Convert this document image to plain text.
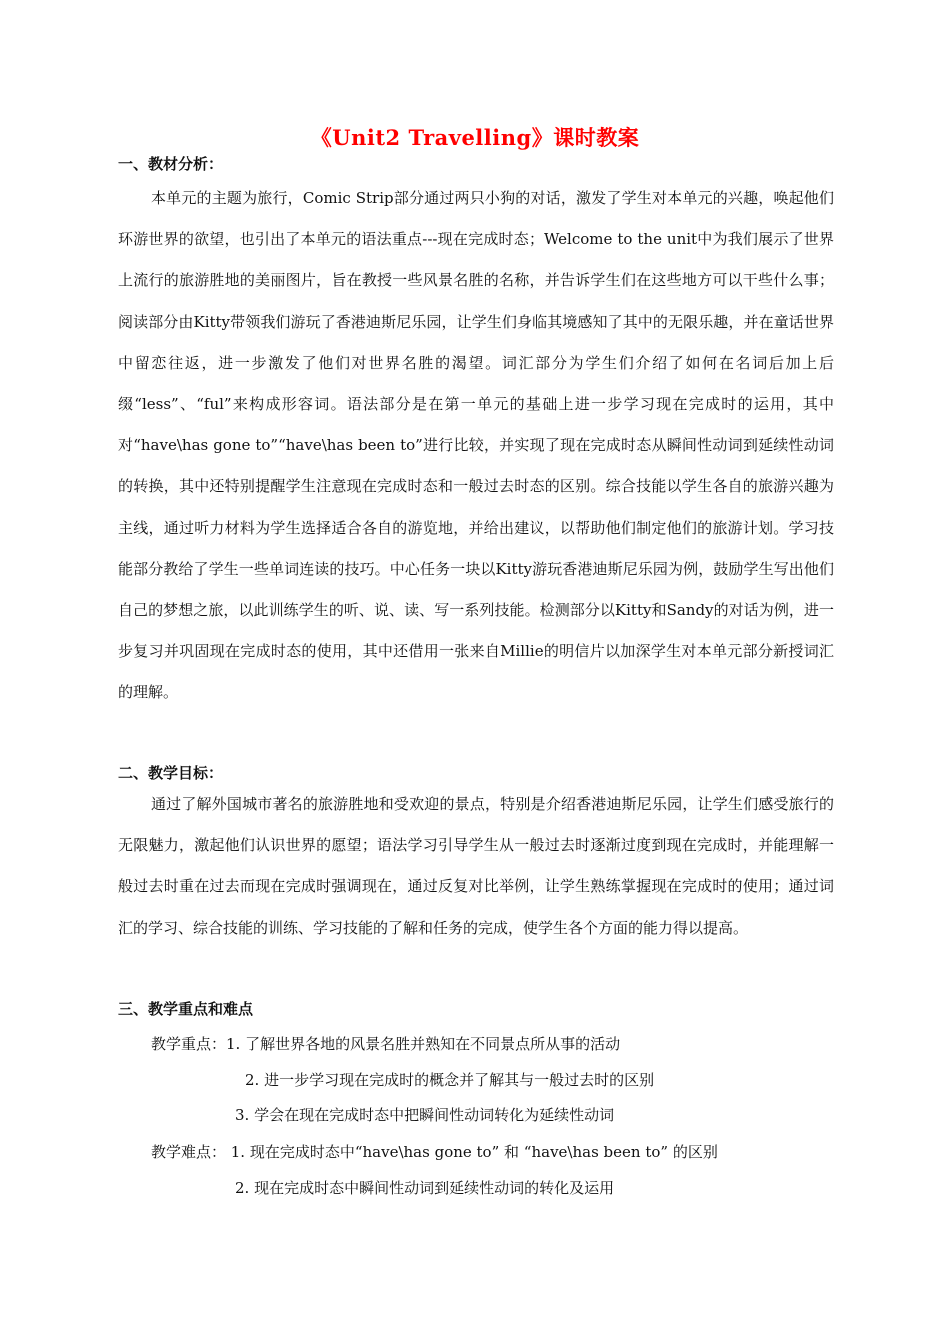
《Unit2 Travelling》课时教案
一、教材分析：
本单元的主题为旅行，Comic Strip部分通过两只小狗的对话，激发了学生对本单元的兴趣，唤起他们环游世界的欲望，也引出了本单元的语法重点---现在完成时态；Welcome to the unit中为我们展示了世界上流行的旅游胜地的美丽图片，旨在教授一些风景名胜的名称，并告诉学生们在这些地方可以干些什么事；阅读部分由Kitty带领我们游玩了香港迪斯尼乐园，让学生们身临其境感知了其中的无限乐趣，并在童话世界中留恋往返，进一步激发了他们对世界名胜的渴望。词汇部分为学生们介绍了如何在名词后加上后缀“less”、“ful”来构成形容词。语法部分是在第一单元的基础上进一步学习现在完成时的运用，其中对“have\has gone to”“have\has been to”进行比较，并实现了现在完成时态从瞬间性动词到延续性动词的转换，其中还特别提醒学生注意现在完成时态和一般过去时态的区别。综合技能以学生各自的旅游兴趣为主线，通过听力材料为学生选择适合各自的游览地，并给出建议，以帮助他们制定他们的旅游计划。学习技能部分教给了学生一些单词连读的技巧。中心任务一块以Kitty游玩香港迪斯尼乐园为例，鼓励学生写出他们自己的梦想之旅，以此训练学生的听、说、读、写一系列技能。检测部分以Kitty和Sandy的对话为例，进一步复习并巩固现在完成时态的使用，其中还借用一张来自Millie的明信片以加深学生对本单元部分新授词汇的理解。
二、教学目标：
通过了解外国城市著名的旅游胜地和受欢迎的景点，特别是介绍香港迪斯尼乐园，让学生们感受旅行的无限魅力，激起他们认识世界的愿望；语法学习引导学生从一般过去时逐渐过度到现在完成时，并能理解一般过去时重在过去而现在完成时强调现在，通过反复对比举例，让学生熟练掌握现在完成时的使用；通过词汇的学习、综合技能的训练、学习技能的了解和任务的完成，使学生各个方面的能力得以提高。
三、教学重点和难点
教学重点：1. 了解世界各地的风景名胜并熟知在不同景点所从事的活动
2. 进一步学习现在完成时的概念并了解其与一般过去时的区别
3. 学会在现在完成时态中把瞬间性动词转化为延续性动词
教学难点： 1. 现在完成时态中“have\has gone to” 和 “have\has been to” 的区别
2. 现在完成时态中瞬间性动词到延续性动词的转化及运用
